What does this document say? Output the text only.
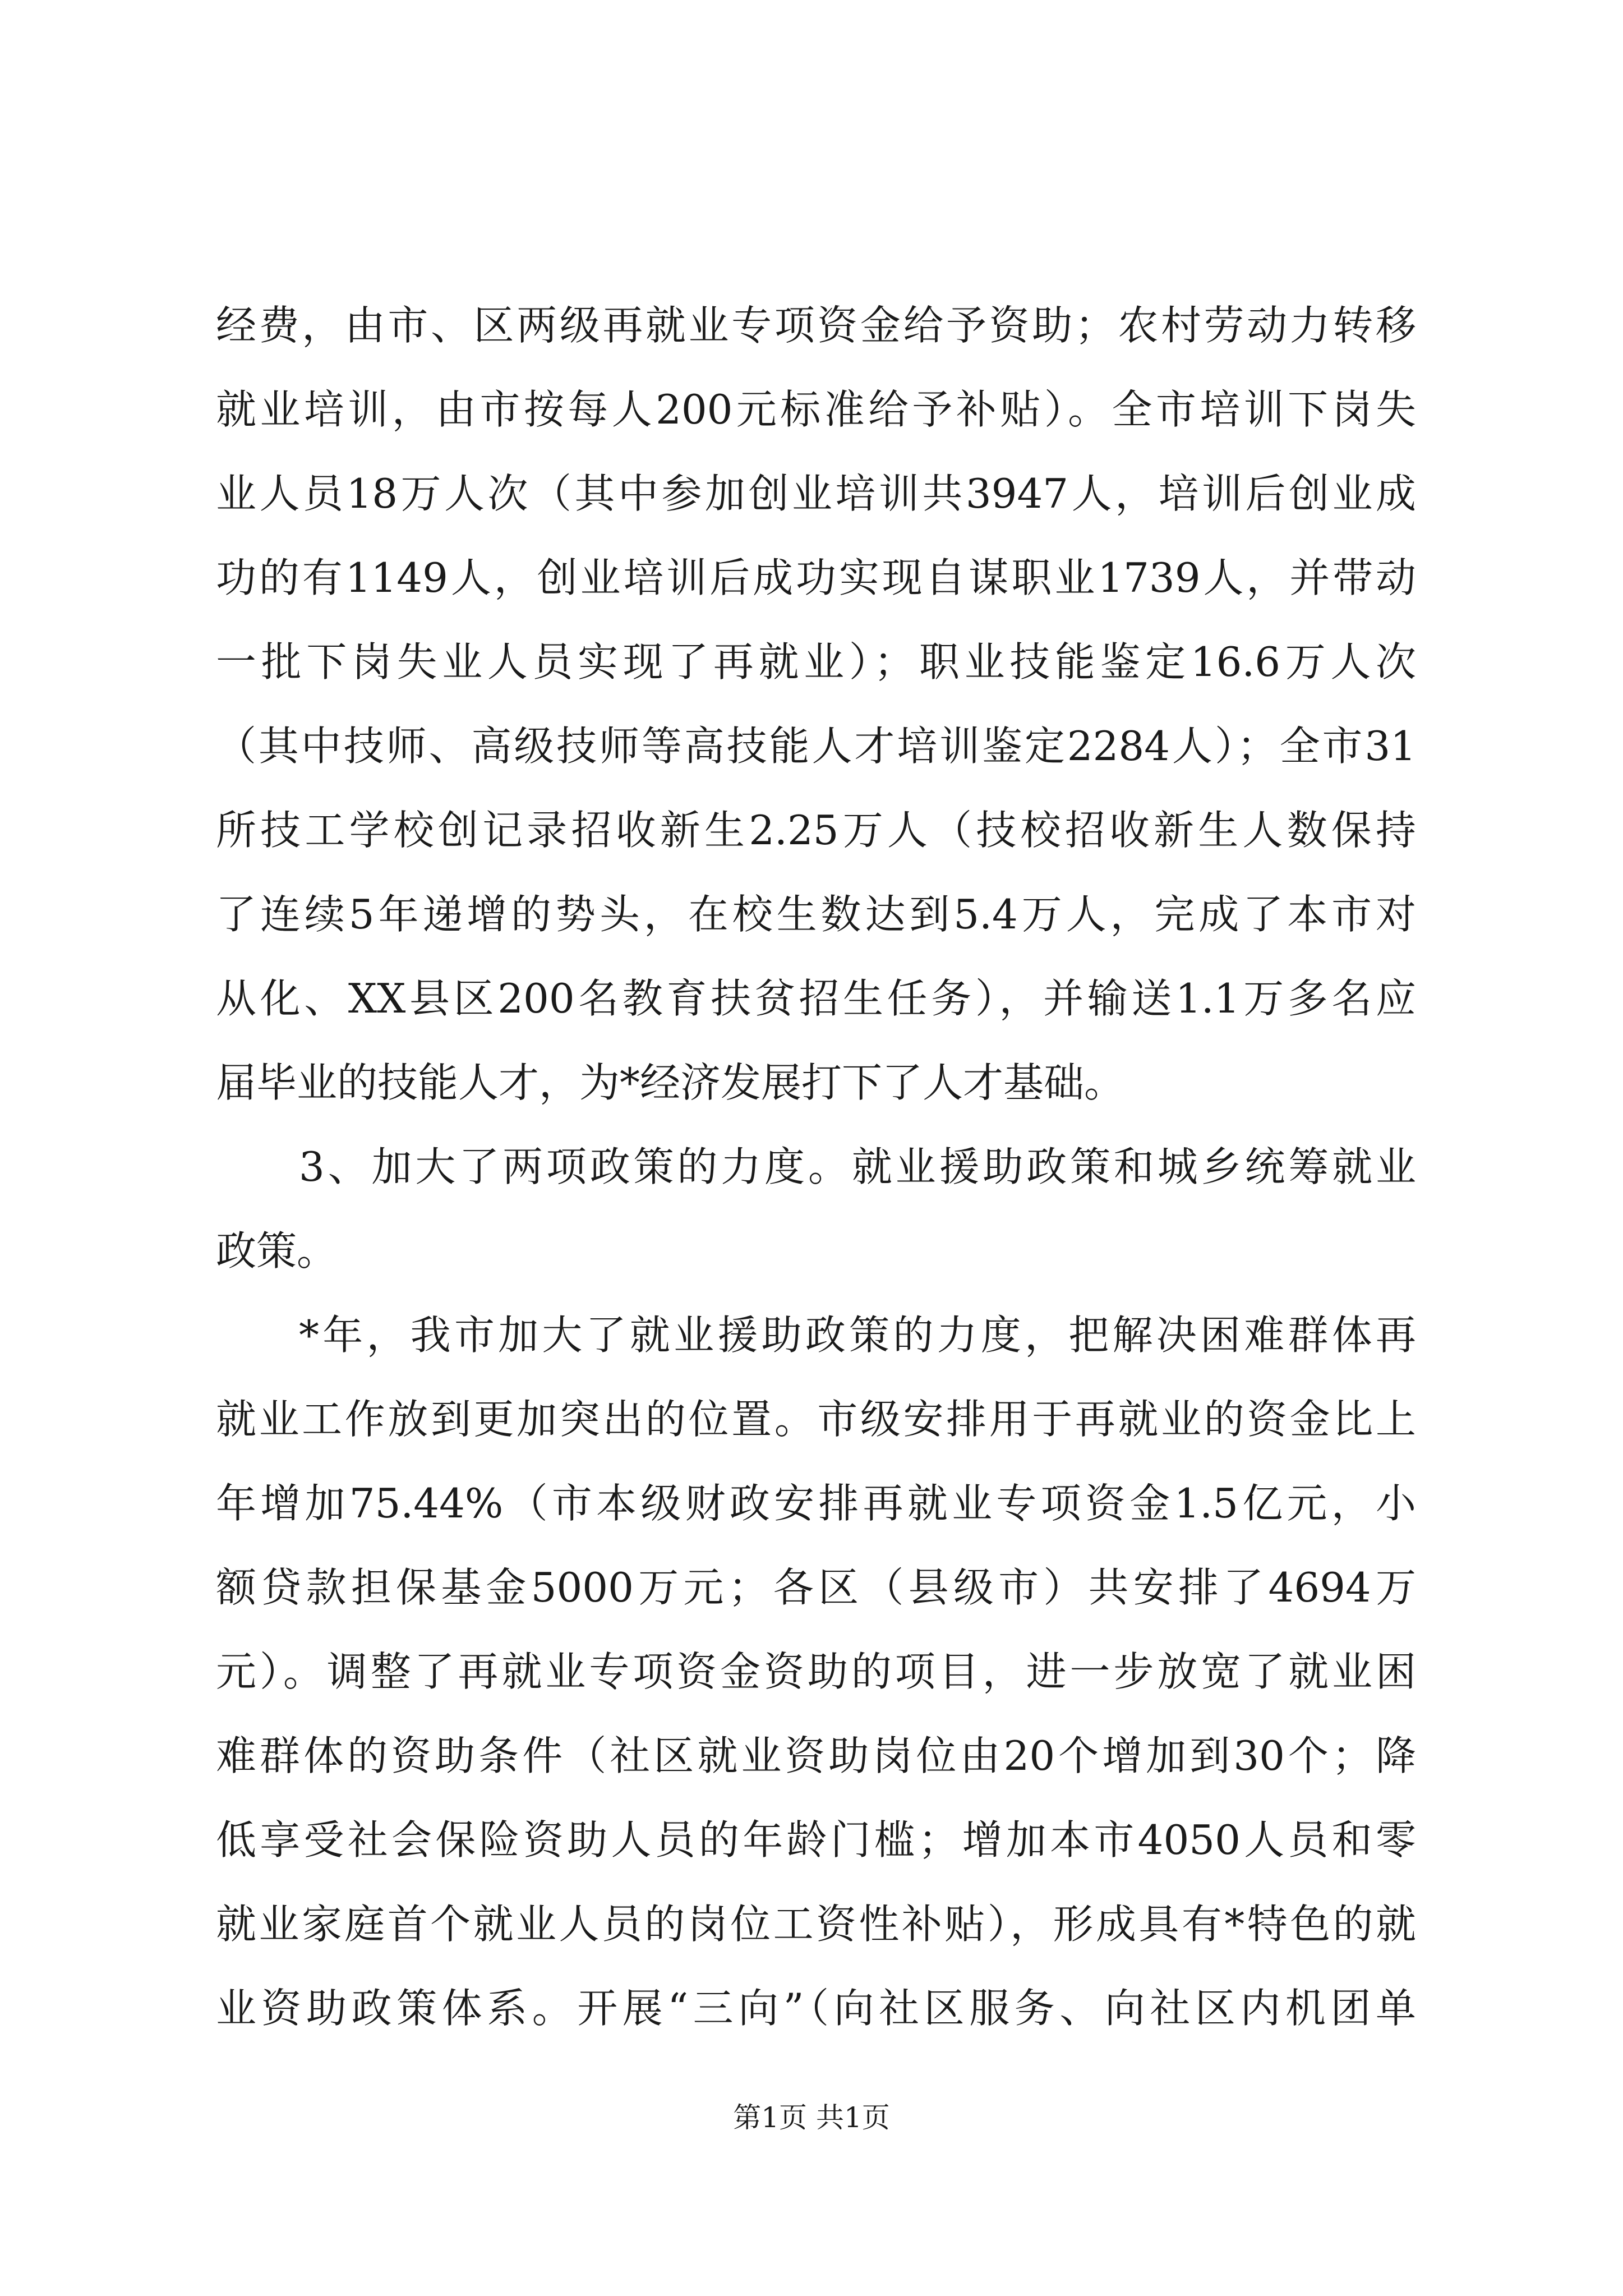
经费，由市、区两级再就业专项资金给予资助；农村劳动力转移
就业培训，由市按每人200元标准给予补贴）。全市培训下岗失
业人员18万人次（其中参加创业培训共3947人，培训后创业成
功的有1149人，创业培训后成功实现自谋职业1739人，并带动
一批下岗失业人员实现了再就业）；职业技能鉴定16.6万人次
（其中技师、高级技师等高技能人才培训鉴定2284人）；全市31
所技工学校创记录招收新生2.25万人（技校招收新生人数保持
了连续5年递增的势头，在校生数达到5.4万人，完成了本市对
从化、XX县区200名教育扶贫招生任务），并输送1.1万多名应
届毕业的技能人才，为*经济发展打下了人才基础。
3、加大了两项政策的力度。就业援助政策和城乡统筹就业
政策。
*年，我市加大了就业援助政策的力度，把解决困难群体再
就业工作放到更加突出的位置。市级安排用于再就业的资金比上
年增加75.44%（市本级财政安排再就业专项资金1.5亿元，小
额贷款担保基金5000万元；各区（县级市）共安排了4694万
元）。调整了再就业专项资金资助的项目，进一步放宽了就业困
难群体的资助条件（社区就业资助岗位由20个增加到30个；降
低享受社会保险资助人员的年龄门槛；增加本市4050人员和零
就业家庭首个就业人员的岗位工资性补贴），形成具有*特色的就
业资助政策体系。开展“三向”（向社区服务、向社区内机团单
第1页 共1页
